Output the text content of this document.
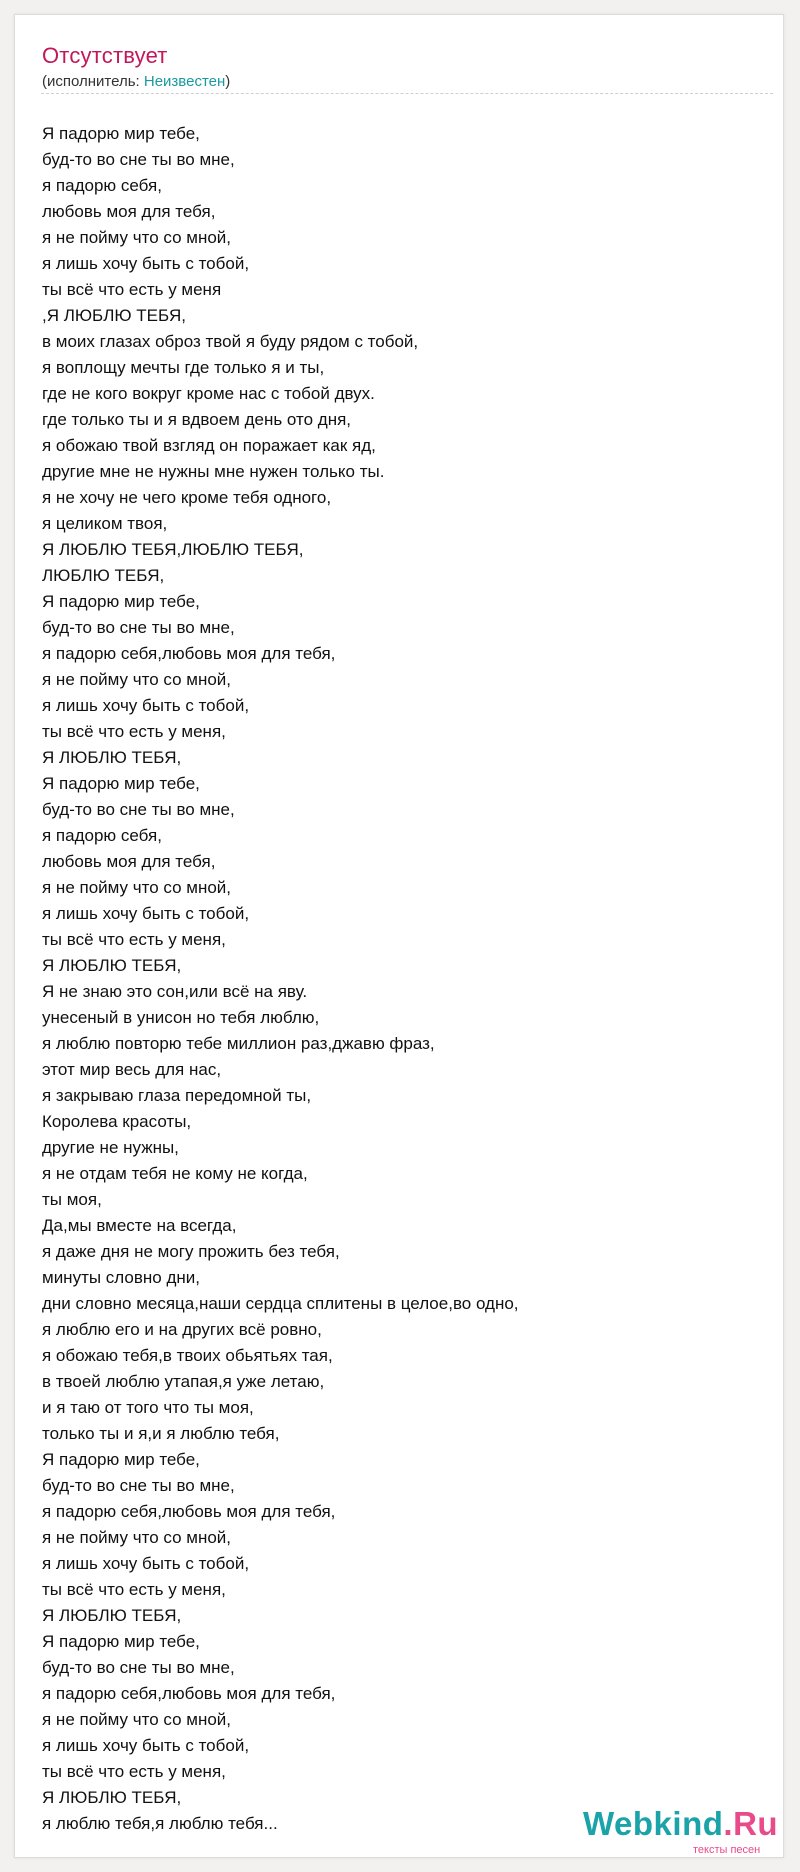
Отсутствует
(исполнитель: Неизвестен)
Я падорю мир тебе,
буд-то во сне ты во мне,
я падорю себя,
любовь моя для тебя,
я не пойму что со мной,
я лишь хочу быть с тобой,
ты всё что есть у меня
,Я ЛЮБЛЮ ТЕБЯ,
в моих глазах оброз твой я буду рядом с тобой,
я воплощу мечты где только я и ты,
где не кого вокруг кроме нас с тобой двух.
где только ты и я вдвоем день ото дня,
я обожаю твой взгляд он поражает как яд,
другие мне не нужны мне нужен только ты.
я не хочу не чего кроме тебя одного,
я целиком твоя,
Я ЛЮБЛЮ ТЕБЯ,ЛЮБЛЮ ТЕБЯ,
ЛЮБЛЮ ТЕБЯ,
Я падорю мир тебе,
буд-то во сне ты во мне,
я падорю себя,любовь моя для тебя,
я не пойму что со мной,
я лишь хочу быть с тобой,
ты всё что есть у меня,
Я ЛЮБЛЮ ТЕБЯ,
Я падорю мир тебе,
буд-то во сне ты во мне,
я падорю себя,
любовь моя для тебя,
я не пойму что со мной,
я лишь хочу быть с тобой,
ты всё что есть у меня,
Я ЛЮБЛЮ ТЕБЯ,
Я не знаю это сон,или всё на яву.
унесеный в унисон но тебя люблю,
я люблю повторю тебе миллион раз,джавю фраз,
этот мир весь для нас,
я закрываю глаза передомной ты,
Королева красоты,
другие не нужны,
я не отдам тебя не кому не когда,
ты моя,
Да,мы вместе на всегда,
я даже дня не могу прожить без тебя,
минуты словно дни,
дни словно месяца,наши сердца сплитены в целое,во одно,
я люблю его и на других всё ровно,
я обожаю тебя,в твоих обьятьях тая,
в твоей люблю утапая,я уже летаю,
и я таю от того что ты моя,
только ты и я,и я люблю тебя,
Я падорю мир тебе,
буд-то во сне ты во мне,
я падорю себя,любовь моя для тебя,
я не пойму что со мной,
я лишь хочу быть с тобой,
ты всё что есть у меня,
Я ЛЮБЛЮ ТЕБЯ,
Я падорю мир тебе,
буд-то во сне ты во мне,
я падорю себя,любовь моя для тебя,
я не пойму что со мной,
я лишь хочу быть с тобой,
ты всё что есть у меня,
Я ЛЮБЛЮ ТЕБЯ,
я люблю тебя,я люблю тебя...	Webkind.Ru
тексты песен
